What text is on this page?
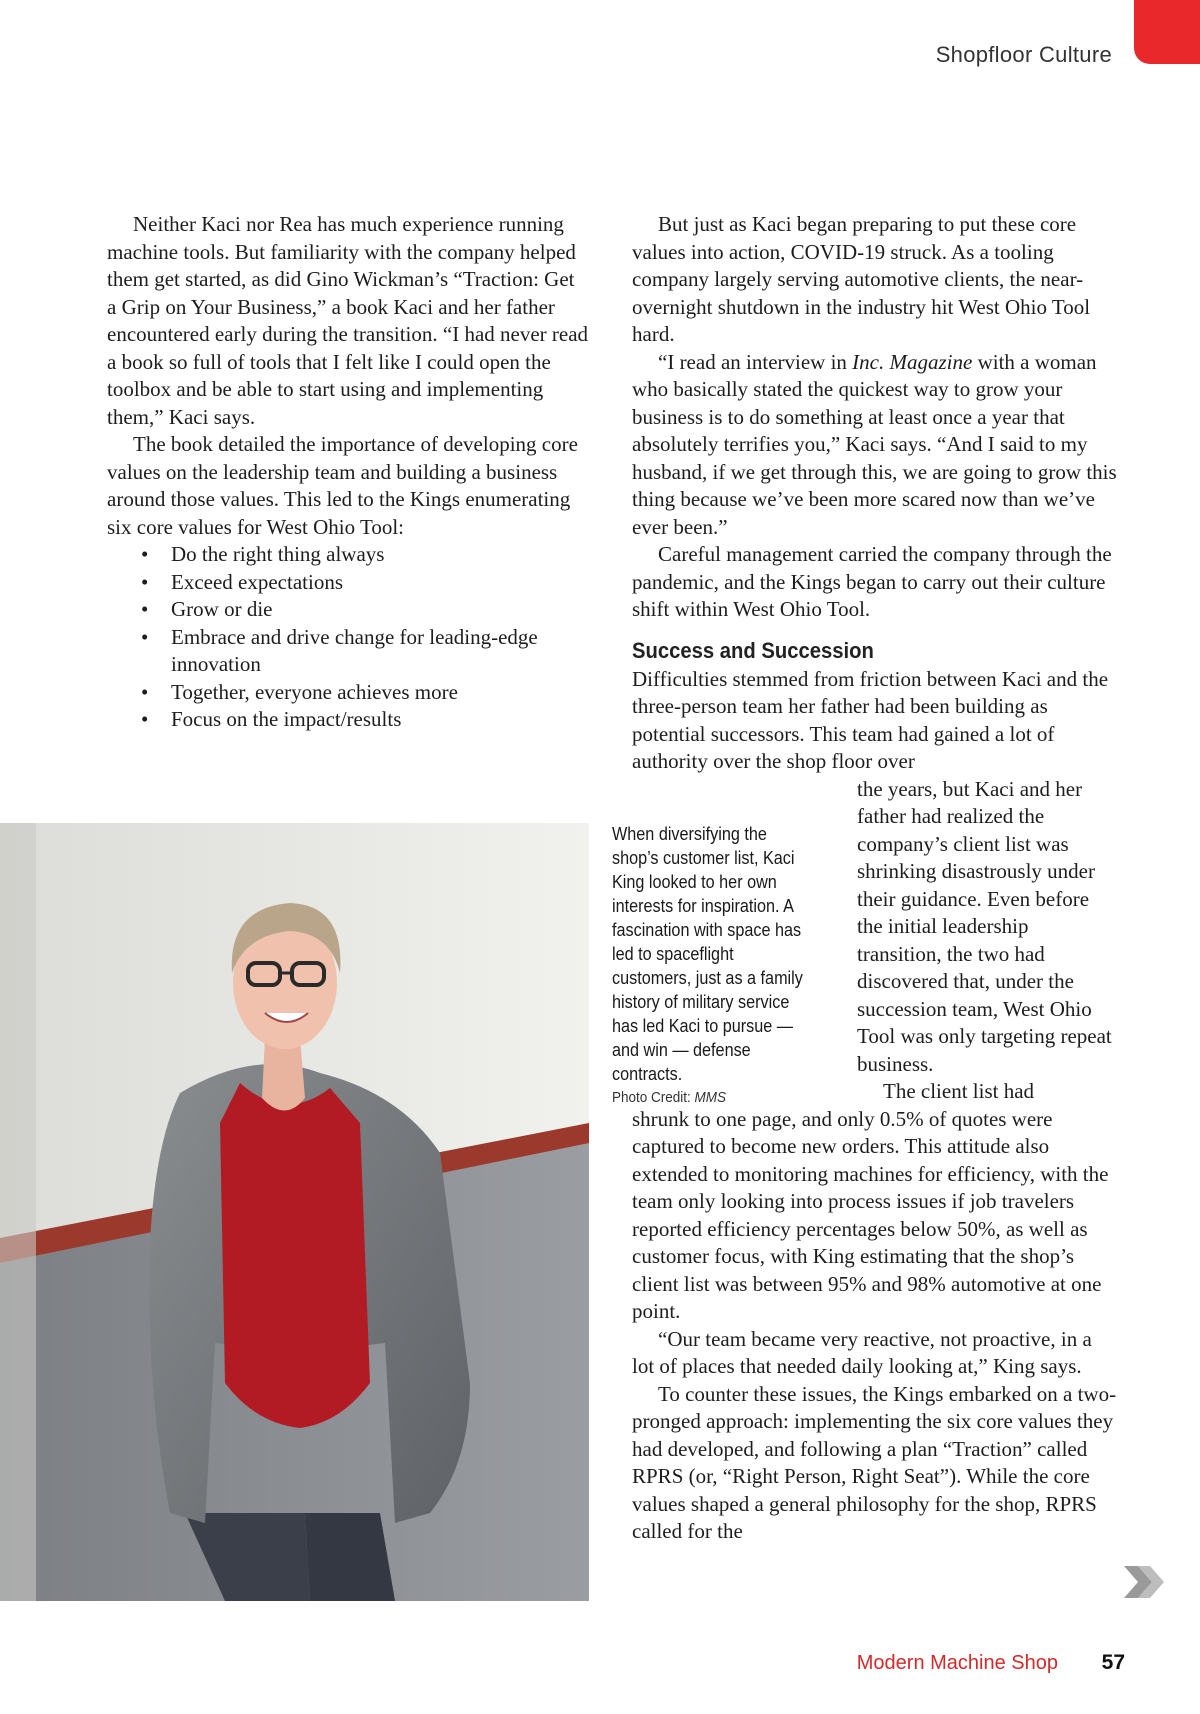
Shopfloor Culture

Neither Kaci nor Rea has much experience running machine tools. But familiarity with the company helped them get started, as did Gino Wickman’s “Traction: Get a Grip on Your Business,” a book Kaci and her father encountered early during the transition. “I had never read a book so full of tools that I felt like I could open the toolbox and be able to start using and implementing them,” Kaci says.

The book detailed the importance of developing core values on the leadership team and building a business around those values. This led to the Kings enumerating six core values for West Ohio Tool:

• Do the right thing always
• Exceed expectations
• Grow or die
• Embrace and drive change for leading-edge innovation
• Together, everyone achieves more
• Focus on the impact/results

But just as Kaci began preparing to put these core values into action, COVID-19 struck. As a tooling company largely serving automotive clients, the near-overnight shutdown in the industry hit West Ohio Tool hard.

“I read an interview in Inc. Magazine with a woman who basically stated the quickest way to grow your business is to do something at least once a year that absolutely terrifies you,” Kaci says. “And I said to my husband, if we get through this, we are going to grow this thing because we’ve been more scared now than we’ve ever been.”

Careful management carried the company through the pandemic, and the Kings began to carry out their culture shift within West Ohio Tool.

Success and Succession

Difficulties stemmed from friction between Kaci and the three-person team her father had been building as potential successors. This team had gained a lot of authority over the shop floor over

the years, but Kaci and her father had realized the company’s client list was shrinking disastrously under their guidance. Even before the initial leadership transition, the two had discovered that, under the succession team, West Ohio Tool was only targeting repeat business.

The client list had

shrunk to one page, and only 0.5% of quotes were captured to become new orders. This attitude also extended to monitoring machines for efficiency, with the team only looking into process issues if job travelers reported efficiency percentages below 50%, as well as customer focus, with King estimating that the shop’s client list was between 95% and 98% automotive at one point.

“Our team became very reactive, not proactive, in a lot of places that needed daily looking at,” King says.

To counter these issues, the Kings embarked on a two-pronged approach: implementing the six core values they had developed, and following a plan “Traction” called RPRS (or, “Right Person, Right Seat”). While the core values shaped a general philosophy for the shop, RPRS called for the

When diversifying the shop’s customer list, Kaci King looked to her own interests for inspiration. A fascination with space has led to spaceflight customers, just as a family history of military service has led Kaci to pursue — and win — defense contracts.
Photo Credit: MMS
Modern Machine Shop 57
